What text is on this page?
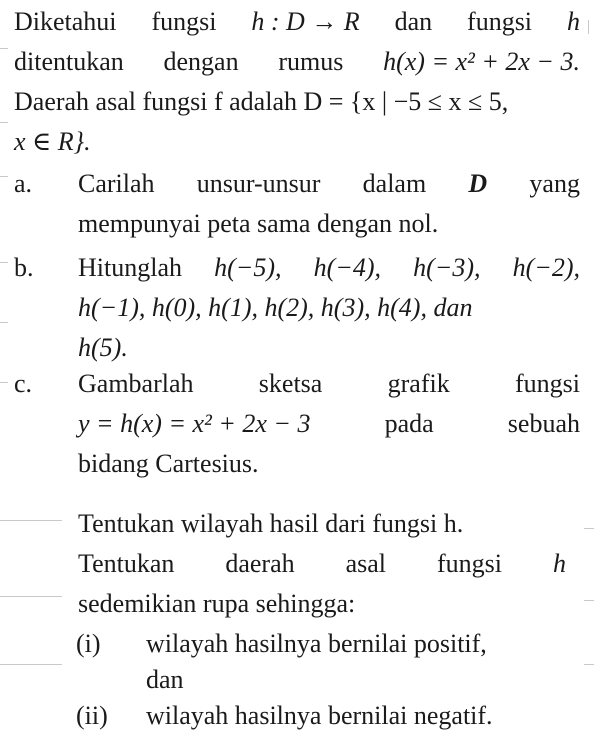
Diketahui fungsi h : D → R dan fungsi h
ditentukan dengan rumus h(x) = x² + 2x − 3.
Daerah asal fungsi f adalah D = {x | −5 ≤ x ≤ 5,
x ∈ R}.
a. Carilah unsur-unsur dalam D yang
mempunyai peta sama dengan nol.
b. Hitunglah h(−5), h(−4), h(−3), h(−2),
h(−1), h(0), h(1), h(2), h(3), h(4), dan
h(5).
c. Gambarlah	sketsa	grafik	fungsi
y = h(x) = x² + 2x − 3	pada	sebuah
bidang Cartesius.
Tentukan wilayah hasil dari fungsi h.
Tentukan daerah asal fungsi h
sedemikian rupa sehingga:
(i) wilayah hasilnya bernilai positif,
dan
(ii) wilayah hasilnya bernilai negatif.
